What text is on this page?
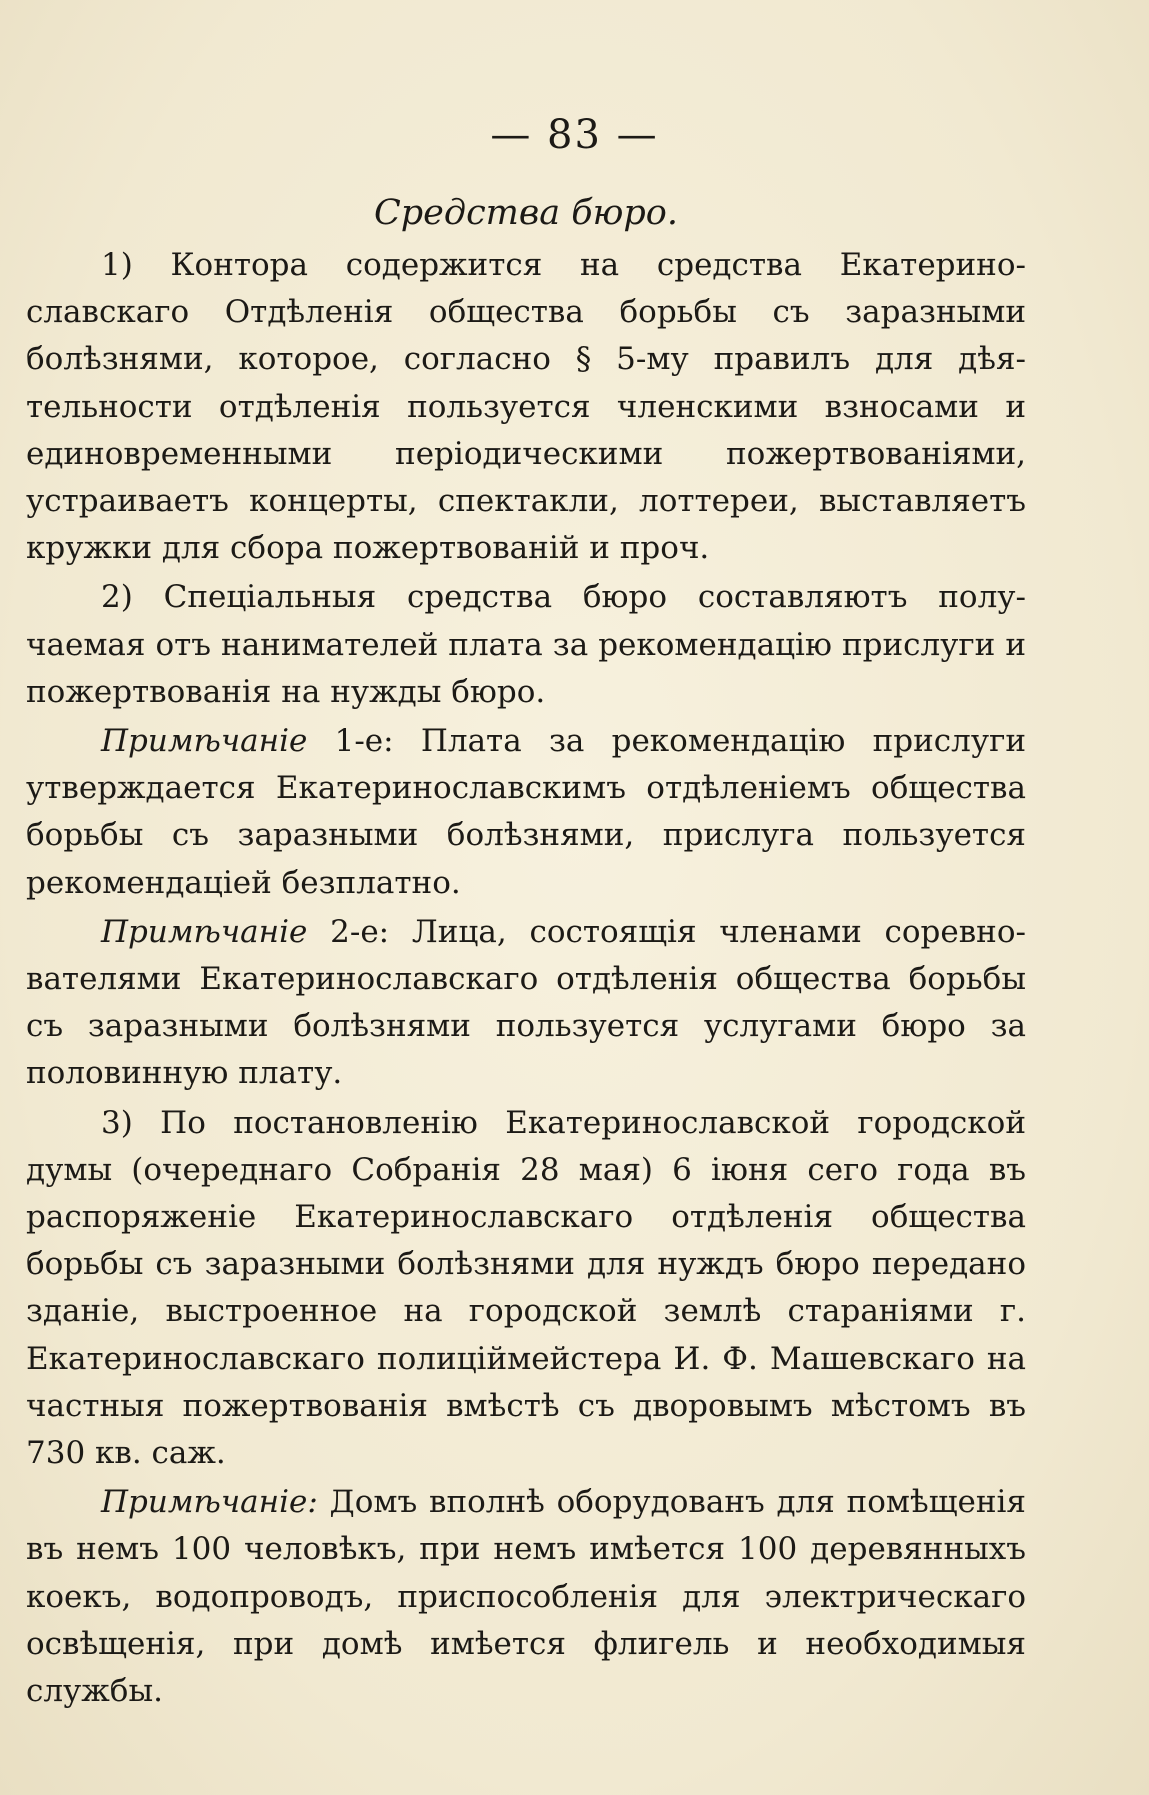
— 83 —
Средства бюро.

1) Контора содержится на средства Екатеринославскаго Отдѣленія общества борьбы съ заразными болѣзнями, которое, согласно § 5-му правилъ для дѣятельности отдѣленія пользуется членскими взносами и единовременными періодическими пожертвованіями, устраиваетъ концерты, спектакли, лоттереи, выставляетъ кружки для сбора пожертвованій и проч.

2) Спеціальныя средства бюро составляютъ получаемая отъ нанимателей плата за рекомендацію прислуги и пожертвованія на нужды бюро.

Примѣчаніе 1-е: Плата за рекомендацію прислуги утверждается Екатеринославскимъ отдѣленіемъ общества борьбы съ заразными болѣзнями, прислуга пользуется рекомендаціей безплатно.

Примѣчаніе 2-е: Лица, состоящія членами соревнователями Екатеринославскаго отдѣленія общества борьбы съ заразными болѣзнями пользуется услугами бюро за половинную плату.

3) По постановленію Екатеринославской городской думы (очереднаго Собранія 28 мая) 6 іюня сего года въ распоряженіе Екатеринославскаго отдѣленія общества борьбы съ заразными болѣзнями для нуждъ бюро передано зданіе, выстроенное на городской землѣ стараніями г. Екатеринославскаго полицiймейстера И. Ф. Машевскаго на частныя пожертвованія вмѣстѣ съ дворовымъ мѣстомъ въ 730 кв. саж.

Примѣчаніе: Домъ вполнѣ оборудованъ для помѣщенія въ немъ 100 человѣкъ, при немъ имѣется 100 деревянныхъ коекъ, водопроводъ, приспособленія для электрическаго освѣщенія, при домѣ имѣется флигель и необходимыя службы.
